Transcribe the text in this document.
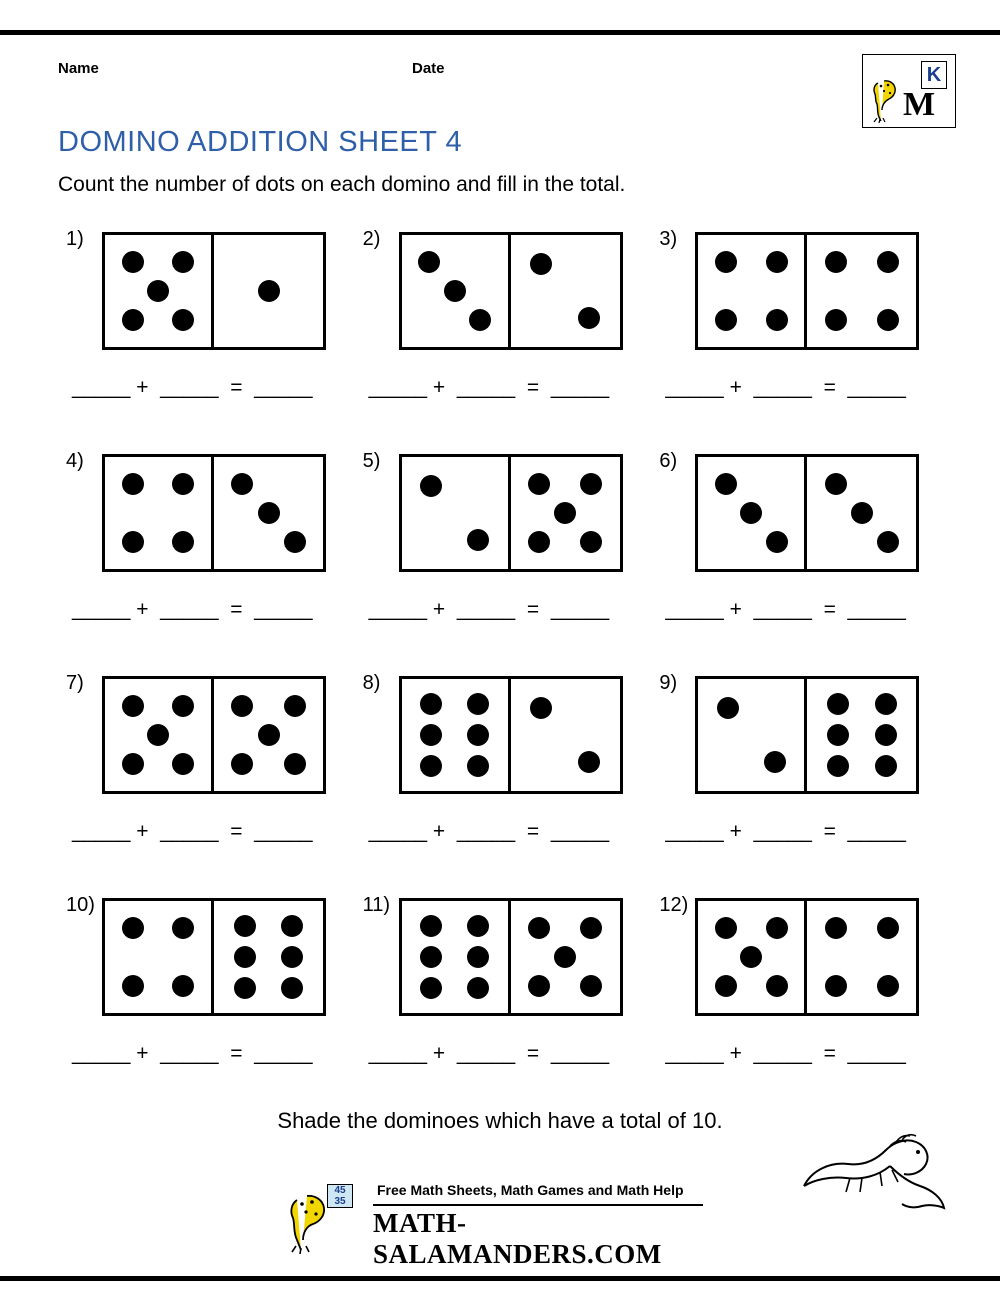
Name	Date	K
M
DOMINO ADDITION SHEET 4
Count the number of dots on each domino and fill in the total.
1)
_____ +  _____  =  _____
2)
_____ +  _____  =  _____
3)
_____ +  _____  =  _____
4)
_____ +  _____  =  _____
5)
_____ +  _____  =  _____
6)
_____ +  _____  =  _____
7)
_____ +  _____  =  _____
8)
_____ +  _____  =  _____
9)
_____ +  _____  =  _____
10)
_____ +  _____  =  _____
11)
_____ +  _____  =  _____
12)
_____ +  _____  =  _____
Shade the dominoes which have a total of 10.
45
35
Free Math Sheets, Math Games and Math Help
MATH-SALAMANDERS.COM
